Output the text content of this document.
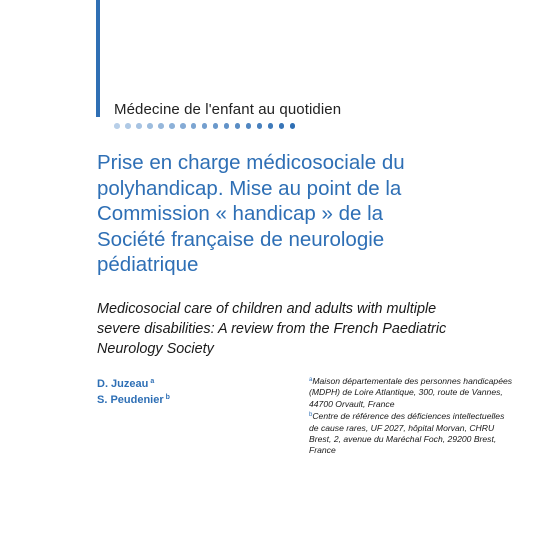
Médecine de l'enfant au quotidien
Prise en charge médicosociale du
polyhandicap. Mise au point de la
Commission « handicap » de la
Société française de neurologie
pédiatrique
Medicosocial care of children and adults with multiple
severe disabilities: A review from the French Paediatric
Neurology Society
D. Juzeau $^a$
S. Peudenier $^b$
$^a$Maison départementale des personnes handicapées
(MDPH) de Loire Atlantique, 300, route de Vannes,
44700 Orvault, France
$^b$Centre de référence des déficiences intellectuelles
de cause rares, UF 2027, hôpital Morvan, CHRU
Brest, 2, avenue du Maréchal Foch, 29200 Brest,
France
